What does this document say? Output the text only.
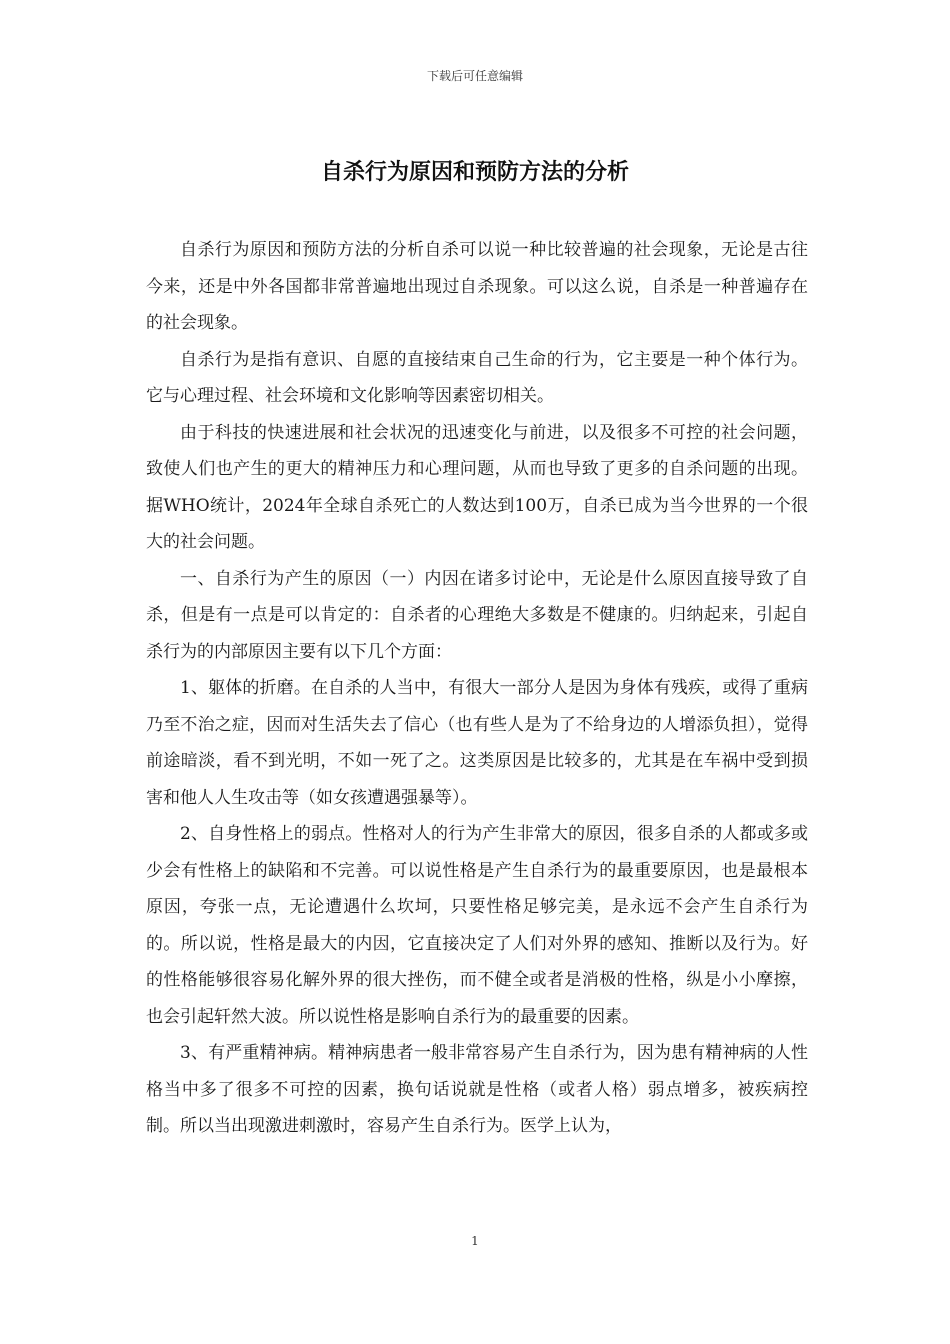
下载后可任意编辑
自杀行为原因和预防方法的分析

自杀行为原因和预防方法的分析自杀可以说一种比较普遍的社会现象，无论是古往今来，还是中外各国都非常普遍地出现过自杀现象。可以这么说，自杀是一种普遍存在的社会现象。

自杀行为是指有意识、自愿的直接结束自己生命的行为，它主要是一种个体行为。它与心理过程、社会环境和文化影响等因素密切相关。

由于科技的快速进展和社会状况的迅速变化与前进，以及很多不可控的社会问题，致使人们也产生的更大的精神压力和心理问题，从而也导致了更多的自杀问题的出现。据WHO统计，2024年全球自杀死亡的人数达到100万，自杀已成为当今世界的一个很大的社会问题。

一、自杀行为产生的原因（一）内因在诸多讨论中，无论是什么原因直接导致了自杀，但是有一点是可以肯定的：自杀者的心理绝大多数是不健康的。归纳起来，引起自杀行为的内部原因主要有以下几个方面：

1、躯体的折磨。在自杀的人当中，有很大一部分人是因为身体有残疾，或得了重病乃至不治之症，因而对生活失去了信心（也有些人是为了不给身边的人增添负担），觉得前途暗淡，看不到光明，不如一死了之。这类原因是比较多的，尤其是在车祸中受到损害和他人人生攻击等（如女孩遭遇强暴等）。

2、自身性格上的弱点。性格对人的行为产生非常大的原因，很多自杀的人都或多或少会有性格上的缺陷和不完善。可以说性格是产生自杀行为的最重要原因，也是最根本原因，夸张一点，无论遭遇什么坎坷，只要性格足够完美，是永远不会产生自杀行为的。所以说，性格是最大的内因，它直接决定了人们对外界的感知、推断以及行为。好的性格能够很容易化解外界的很大挫伤，而不健全或者是消极的性格，纵是小小摩擦，也会引起轩然大波。所以说性格是影响自杀行为的最重要的因素。

3、有严重精神病。精神病患者一般非常容易产生自杀行为，因为患有精神病的人性格当中多了很多不可控的因素，换句话说就是性格（或者人格）弱点增多，被疾病控制。所以当出现激进刺激时，容易产生自杀行为。医学上认为，

1
